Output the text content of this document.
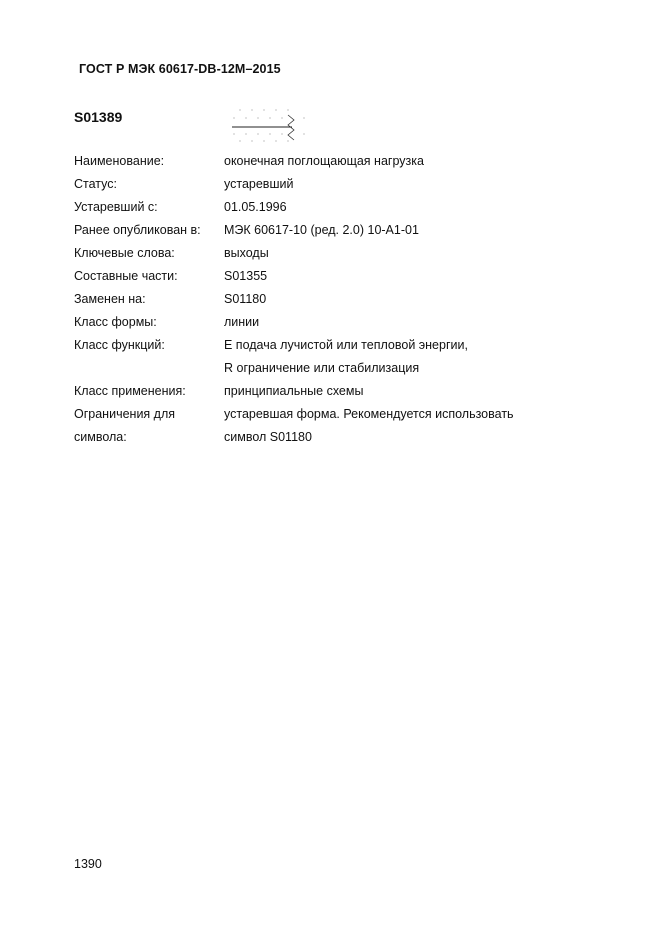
ГОСТ Р МЭК 60617-DB-12M–2015
S01389
Наименование:	оконечная поглощающая нагрузка
Статус:	устаревший
Устаревший с:	01.05.1996
Ранее опубликован в:	МЭК 60617-10 (ред. 2.0) 10-A1-01
Ключевые слова:	выходы
Составные части:	S01355
Заменен на:	S01180
Класс формы:	линии
Класс функций:	E подача лучистой или тепловой энергии,
R ограничение или стабилизация
Класс применения:	принципиальные схемы
Ограничения для	устаревшая форма. Рекомендуется использовать
символа:	символ S01180
1390
